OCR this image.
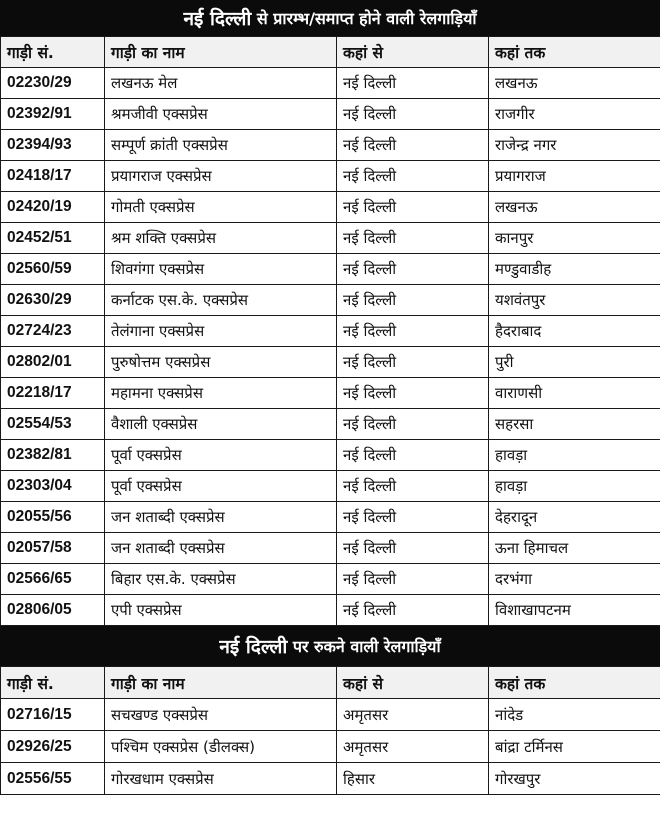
नई दिल्ली
से प्रारम्भ/समाप्त होने वाली रेलगाड़ियाँ
गाड़ी सं.	गाड़ी का नाम	कहां से	कहां तक
02230/29	लखनऊ मेल	नई दिल्ली	लखनऊ
02392/91	श्रमजीवी एक्सप्रेस	नई दिल्ली	राजगीर
02394/93	सम्पूर्ण क्रांती एक्सप्रेस	नई दिल्ली	राजेन्द्र नगर
02418/17	प्रयागराज एक्सप्रेस	नई दिल्ली	प्रयागराज
02420/19	गोमती एक्सप्रेस	नई दिल्ली	लखनऊ
02452/51	श्रम शक्ति एक्सप्रेस	नई दिल्ली	कानपुर
02560/59	शिवगंगा एक्सप्रेस	नई दिल्ली	मण्डुवाडीह
02630/29	कर्नाटक एस.के. एक्सप्रेस	नई दिल्ली	यशवंतपुर
02724/23	तेलंगाना एक्सप्रेस	नई दिल्ली	हैदराबाद
02802/01	पुरुषोत्तम एक्सप्रेस	नई दिल्ली	पुरी
02218/17	महामना एक्सप्रेस	नई दिल्ली	वाराणसी
02554/53	वैशाली एक्सप्रेस	नई दिल्ली	सहरसा
02382/81	पूर्वा एक्सप्रेस	नई दिल्ली	हावड़ा
02303/04	पूर्वा एक्सप्रेस	नई दिल्ली	हावड़ा
02055/56	जन शताब्दी एक्सप्रेस	नई दिल्ली	देहरादून
02057/58	जन शताब्दी एक्सप्रेस	नई दिल्ली	ऊना हिमाचल
02566/65	बिहार एस.के. एक्सप्रेस	नई दिल्ली	दरभंगा
02806/05	एपी एक्सप्रेस	नई दिल्ली	विशाखापटनम
नई दिल्ली
पर रुकने वाली रेलगाड़ियाँ
गाड़ी सं.	गाड़ी का नाम	कहां से	कहां तक
02716/15	सचखण्ड एक्सप्रेस	अमृतसर	नांदेड
02926/25	पश्चिम एक्सप्रेस (डीलक्स)	अमृतसर	बांद्रा टर्मिनस
02556/55	गोरखधाम एक्सप्रेस	हिसार	गोरखपुर
